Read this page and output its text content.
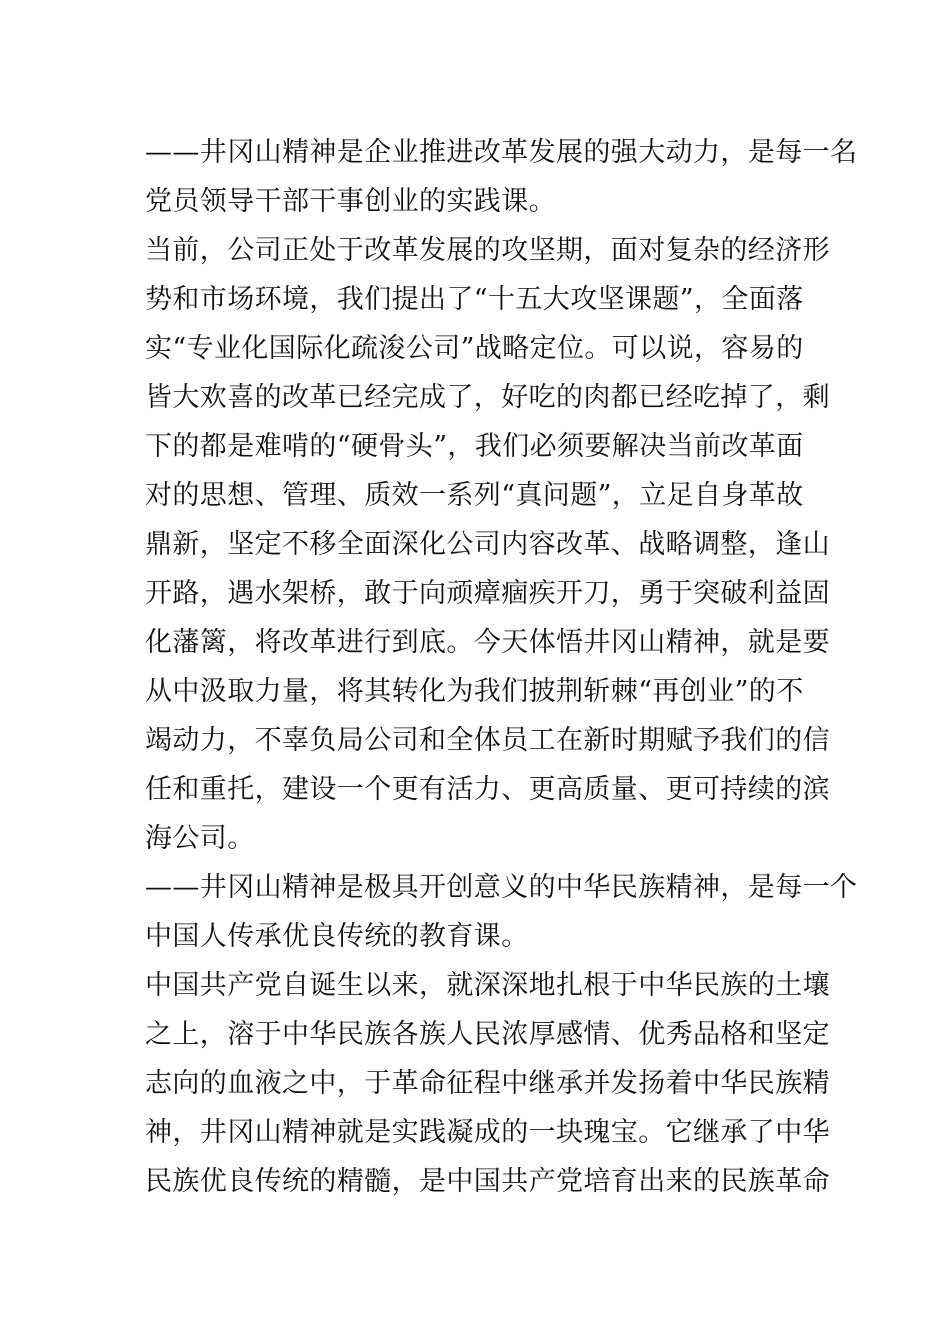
——井冈山精神是企业推进改革发展的强大动力，是每一名
党员领导干部干事创业的实践课。
当前，公司正处于改革发展的攻坚期，面对复杂的经济形
势和市场环境，我们提出了“十五大攻坚课题”，全面落
实“专业化国际化疏浚公司”战略定位。可以说，容易的
皆大欢喜的改革已经完成了，好吃的肉都已经吃掉了，剩
下的都是难啃的“硬骨头”，我们必须要解决当前改革面
对的思想、管理、质效一系列“真问题”，立足自身革故
鼎新，坚定不移全面深化公司内容改革、战略调整，逢山
开路，遇水架桥，敢于向顽瘴痼疾开刀，勇于突破利益固
化藩篱，将改革进行到底。今天体悟井冈山精神，就是要
从中汲取力量，将其转化为我们披荆斩棘“再创业”的不
竭动力，不辜负局公司和全体员工在新时期赋予我们的信
任和重托，建设一个更有活力、更高质量、更可持续的滨
海公司。
——井冈山精神是极具开创意义的中华民族精神，是每一个
中国人传承优良传统的教育课。
中国共产党自诞生以来，就深深地扎根于中华民族的土壤
之上，溶于中华民族各族人民浓厚感情、优秀品格和坚定
志向的血液之中，于革命征程中继承并发扬着中华民族精
神，井冈山精神就是实践凝成的一块瑰宝。它继承了中华
民族优良传统的精髓，是中国共产党培育出来的民族革命
